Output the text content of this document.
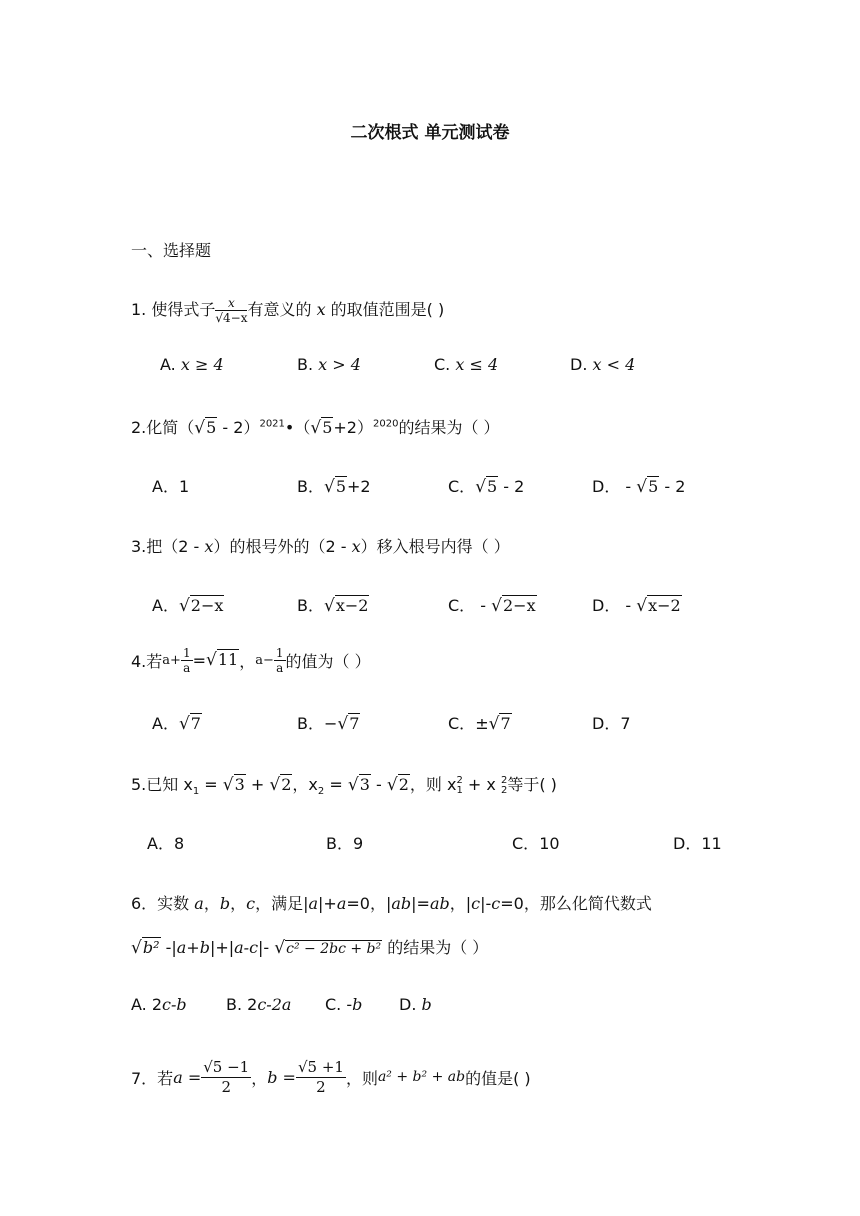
二次根式 单元测试卷
一、选择题
1. 使得式子 $\frac{x}{√4-x}$ 有意义的 x 的取值范围是( )
A. x ≥ 4	B. x > 4	C. x ≤ 4	D. x < 4
2.化简$(√5 - 2)^{2021}•(√5+2)^{2020}$的结果为（ ）
A．1	B．√5+2	C．√5 - 2	D． - √5 - 2
3.把（2 - x）的根号外的（2 - x）移入根号内得（ ）
A．√2−x	B．√x−2	C． - √2−x	D． - √x−2
4.若 $a+ \frac{1}{a} = √11$ ， $a- \frac{1}{a}$ 的值为（ ）
A．√7	B．−√7	C．±√7	D．7
5.已知 $x_1 = √3 + √2$，$x_2 = √3 - √2$，则 x 2
1 + x 2
2 等于( )
A．8	B．9	C．10	D．11
6．实数 a，b，c，满足|a|+a=0，|ab|=ab，|c|-c=0，那么化简代数式
√b² -|a+b|+|a-c|- √c² − 2bc + b² 的结果为（ ）
A. 2c-b B. 2c-2a C. -b D. b
7．若 $a = \frac{√5 -1}{2}$ ， $b = \frac{√5 +1}{2}$ ，则 a² + b² + ab 的值是( )
